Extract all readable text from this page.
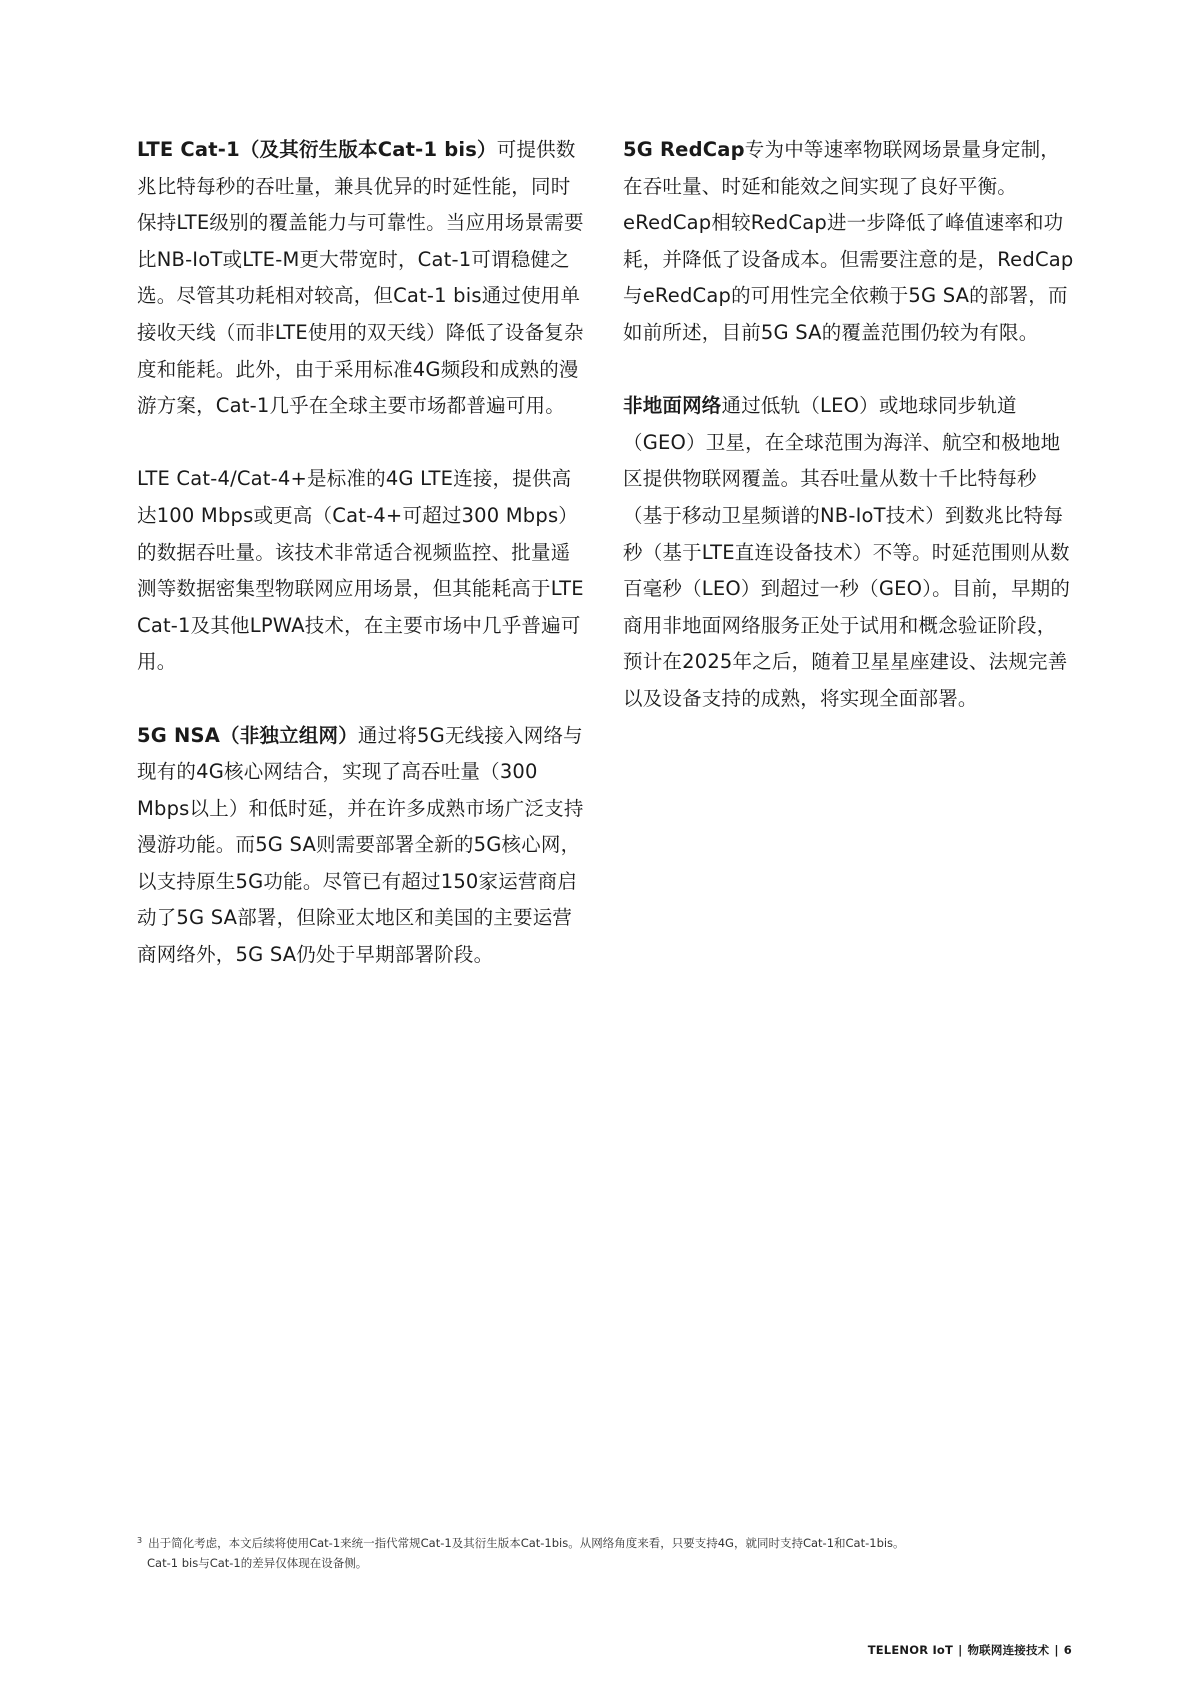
LTE Cat-1（及其衍生版本Cat-1 bis）可提供数兆比特每秒的吞吐量，兼具优异的时延性能，同时保持LTE级别的覆盖能力与可靠性。当应用场景需要比NB-IoT或LTE-M更大带宽时，Cat-1可谓稳健之选。尽管其功耗相对较高，但Cat-1 bis通过使用单接收天线（而非LTE使用的双天线）降低了设备复杂度和能耗。此外，由于采用标准4G频段和成熟的漫游方案，Cat-1几乎在全球主要市场都普遍可用。

LTE Cat-4/Cat-4+是标准的4G LTE连接，提供高达100 Mbps或更高（Cat-4+可超过300 Mbps）的数据吞吐量。该技术非常适合视频监控、批量遥测等数据密集型物联网应用场景，但其能耗高于LTE Cat-1及其他LPWA技术，在主要市场中几乎普遍可用。

5G NSA（非独立组网）通过将5G无线接入网络与现有的4G核心网结合，实现了高吞吐量（300 Mbps以上）和低时延，并在许多成熟市场广泛支持漫游功能。而5G SA则需要部署全新的5G核心网，以支持原生5G功能。尽管已有超过150家运营商启动了5G SA部署，但除亚太地区和美国的主要运营商网络外，5G SA仍处于早期部署阶段。

5G RedCap专为中等速率物联网场景量身定制，在吞吐量、时延和能效之间实现了良好平衡。eRedCap相较RedCap进一步降低了峰值速率和功耗，并降低了设备成本。但需要注意的是，RedCap与eRedCap的可用性完全依赖于5G SA的部署，而如前所述，目前5G SA的覆盖范围仍较为有限。

非地面网络通过低轨（LEO）或地球同步轨道（GEO）卫星，在全球范围为海洋、航空和极地地区提供物联网覆盖。其吞吐量从数十千比特每秒（基于移动卫星频谱的NB-IoT技术）到数兆比特每秒（基于LTE直连设备技术）不等。时延范围则从数百毫秒（LEO）到超过一秒（GEO）。目前，早期的商用非地面网络服务正处于试用和概念验证阶段，预计在2025年之后，随着卫星星座建设、法规完善以及设备支持的成熟，将实现全面部署。

$^3$ 出于简化考虑，本文后续将使用Cat-1来统一指代常规Cat-1及其衍生版本Cat-1bis。从网络角度来看，只要支持4G，就同时支持Cat-1和Cat-1bis。
Cat-1 bis与Cat-1的差异仅体现在设备侧。
TELENOR IoT | 物联网连接技术 | 6
